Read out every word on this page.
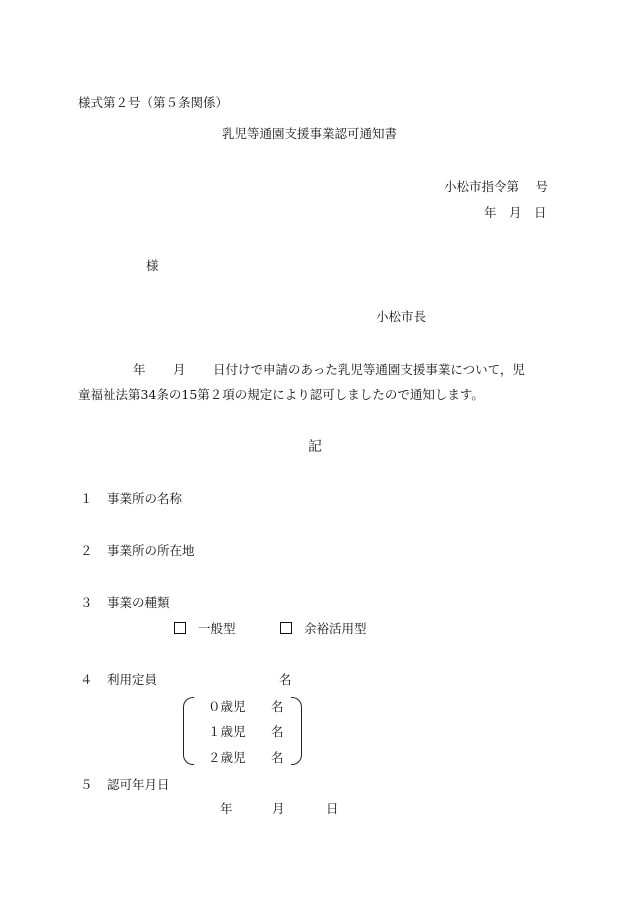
様式第２号（第５条関係）
乳児等通園支援事業認可通知書
小松市指令第　 号
年　月　日
様
小松市長
年 月 日付けで申請のあった乳児等通園支援事業について，児
童福祉法第34条の15第２項の規定により認可しましたので通知します。
記
１ 事業所の名称
２ 事業所の所在地
３ 事業の種類
一般型	余裕活用型
４ 利用定員	名
０歳児 名
１歳児 名
２歳児 名
５ 認可年月日
年	月	日
